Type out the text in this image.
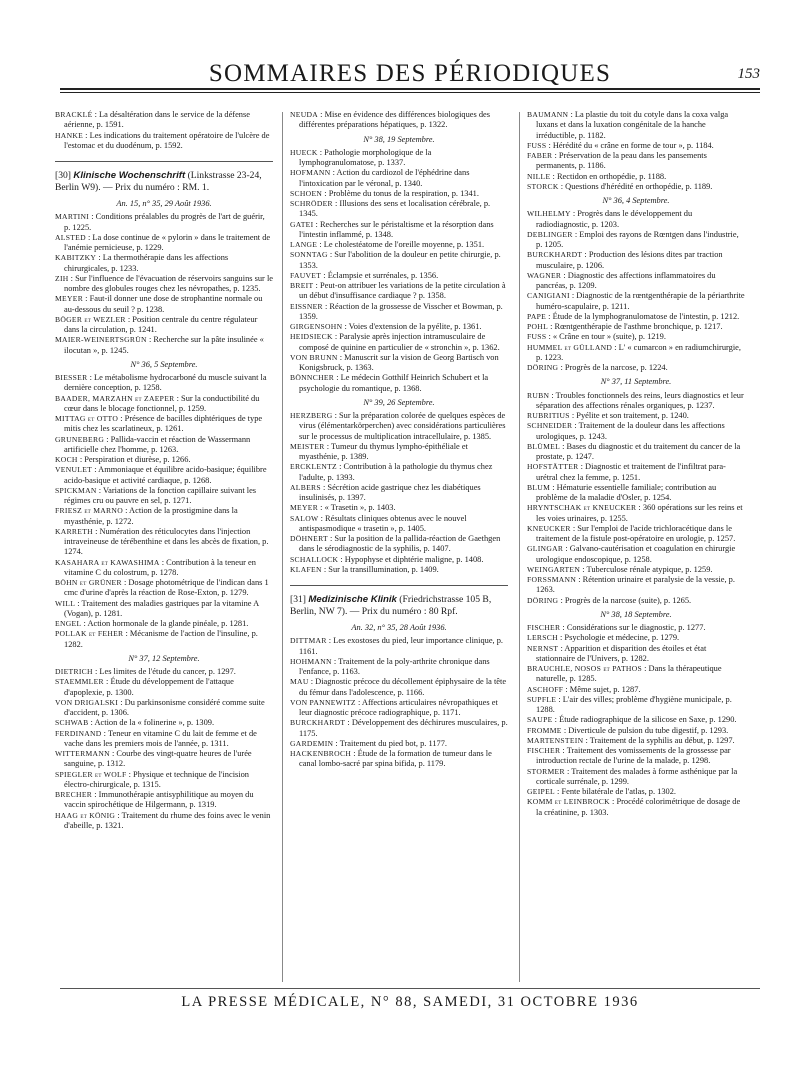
SOMMAIRES DES PÉRIODIQUES	153

BRACKLÉ : La désaltération dans le service de la défense aérienne, p. 1591.

HANKE : Les indications du traitement opératoire de l'ulcère de l'estomac et du duodénum, p. 1592.

[30] Klinische Wochenschrift (Linkstrasse 23-24, Berlin W9). — Prix du numéro : RM. 1.
An. 15, n° 35, 29 Août 1936.

MARTINI : Conditions préalables du progrès de l'art de guérir, p. 1225.

ALSTED : La dose continue de « pylorin » dans le traitement de l'anémie pernicieuse, p. 1229.

KABITZKY : La thermothérapie dans les affections chirurgicales, p. 1233.

ZIH : Sur l'influence de l'évacuation de réservoirs sanguins sur le nombre des globules rouges chez les névropathes, p. 1235.

MEYER : Faut-il donner une dose de strophantine normale ou au-dessous du seuil ? p. 1238.

BÖGER et WEZLER : Position centrale du centre régulateur dans la circulation, p. 1241.

MAIER-WEINERTSGRÜN : Recherche sur la pâte insulinée « ilocutan », p. 1245.

N° 36, 5 Septembre.

BIESSER : Le métabolisme hydrocarboné du muscle suivant la dernière conception, p. 1258.

BAADER, MARZAHN et ZAEPER : Sur la conductibilité du cœur dans le blocage fonctionnel, p. 1259.

MITTAG et OTTO : Présence de bacilles diphtériques de type mitis chez les scarlatineux, p. 1261.

GRUNEBERG : Pallida-vaccin et réaction de Wassermann artificielle chez l'homme, p. 1263.

KOCH : Perspiration et diurèse, p. 1266.

VENULET : Ammoniaque et équilibre acido-basique; équilibre acido-basique et activité cardiaque, p. 1268.

SPICKMAN : Variations de la fonction capillaire suivant les régimes cru ou pauvre en sel, p. 1271.

FRIESZ et MARNO : Action de la prostigmine dans la myasthénie, p. 1272.

KARRETH : Numération des réticulocytes dans l'injection intraveineuse de térébenthine et dans les abcès de fixation, p. 1274.

KASAHARA et KAWASHIMA : Contribution à la teneur en vitamine C du colostrum, p. 1278.

BÖHN et GRÜNER : Dosage photométrique de l'indican dans 1 cmc d'urine d'après la réaction de Rose-Exton, p. 1279.

WILL : Traitement des maladies gastriques par la vitamine A (Vogan), p. 1281.

ENGEL : Action hormonale de la glande pinéale, p. 1281.

POLLAK et FEHER : Mécanisme de l'action de l'insuline, p. 1282.

N° 37, 12 Septembre.

DIETRICH : Les limites de l'étude du cancer, p. 1297.

STAEMMLER : Étude du développement de l'attaque d'apoplexie, p. 1300.

VON DRIGALSKI : Du parkinsonisme considéré comme suite d'accident, p. 1306.

SCHWAB : Action de la « folinerine », p. 1309.

FERDINAND : Teneur en vitamine C du lait de femme et de vache dans les premiers mois de l'année, p. 1311.

WITTERMANN : Courbe des vingt-quatre heures de l'urée sanguine, p. 1312.

SPIEGLER et WOLF : Physique et technique de l'incision électro-chirurgicale, p. 1315.

BRECHER : Immunothérapie antisyphilitique au moyen du vaccin spirochétique de Hilgermann, p. 1319.

HAAG et KÖNIG : Traitement du rhume des foins avec le venin d'abeille, p. 1321.

NEUDA : Mise en évidence des différences biologiques des différentes préparations hépatiques, p. 1322.

N° 38, 19 Septembre.

HUECK : Pathologie morphologique de la lymphogranulomatose, p. 1337.

HOFMANN : Action du cardiozol de l'éphédrine dans l'intoxication par le véronal, p. 1340.

SCHOEN : Problème du tonus de la respiration, p. 1341.

SCHRÖDER : Illusions des sens et localisation cérébrale, p. 1345.

GATEI : Recherches sur le péristaltisme et la résorption dans l'intestin inflammé, p. 1348.

LANGE : Le cholestéatome de l'oreille moyenne, p. 1351.

SONNTAG : Sur l'abolition de la douleur en petite chirurgie, p. 1353.

FAUVET : Éclampsie et surrénales, p. 1356.

BREIT : Peut-on attribuer les variations de la petite circulation à un début d'insuffisance cardiaque ? p. 1358.

EISSNER : Réaction de la grossesse de Visscher et Bowman, p. 1359.

GIRGENSOHN : Voies d'extension de la pyélite, p. 1361.

HEIDSIECK : Paralysie après injection intramusculaire de composé de quinine en particulier de « stronchin », p. 1362.

VON BRUNN : Manuscrit sur la vision de Georg Bartisch von Konigsbruck, p. 1363.

BÖNNCHER : Le médecin Gotthilf Heinrich Schubert et la psychologie du romantique, p. 1368.

N° 39, 26 Septembre.

HERZBERG : Sur la préparation colorée de quelques espèces de virus (élémentarkörperchen) avec considérations particulières sur le processus de multiplication intracellulaire, p. 1385.

MEISTER : Tumeur du thymus lympho-épithéliale et myasthénie, p. 1389.

ERCKLENTZ : Contribution à la pathologie du thymus chez l'adulte, p. 1393.

ALBERS : Sécrétion acide gastrique chez les diabétiques insulinisés, p. 1397.

MEYER : « Trasetin », p. 1403.

SALOW : Résultats cliniques obtenus avec le nouvel antispasmodique « trasetin », p. 1405.

DÖHNERT : Sur la position de la pallida-réaction de Gaethgen dans le sérodiagnostic de la syphilis, p. 1407.

SCHALLOCK : Hypophyse et diphtérie maligne, p. 1408.

KLAFEN : Sur la transillumination, p. 1409.

[31] Medizinische Klinik (Friedrichstrasse 105 B, Berlin, NW 7). — Prix du numéro : 80 Rpf.
An. 32, n° 35, 28 Août 1936.

DITTMAR : Les exostoses du pied, leur importance clinique, p. 1161.

HOHMANN : Traitement de la poly-arthrite chronique dans l'enfance, p. 1163.

MAU : Diagnostic précoce du décollement épiphysaire de la tête du fémur dans l'adolescence, p. 1166.

VON PANNEWITZ : Affections articulaires névropathiques et leur diagnostic précoce radiographique, p. 1171.

BURCKHARDT : Développement des déchirures musculaires, p. 1175.

GARDEMIN : Traitement du pied bot, p. 1177.

HACKENBROCH : Étude de la formation de tumeur dans le canal lombo-sacré par spina bifida, p. 1179.

BAUMANN : La plastie du toit du cotyle dans la coxa valga luxans et dans la luxation congénitale de la hanche irréductible, p. 1182.

FUSS : Hérédité du « crâne en forme de tour », p. 1184.

FABER : Préservation de la peau dans les pansements permanents, p. 1186.

NILLE : Rectidon en orthopédie, p. 1188.

STORCK : Questions d'hérédité en orthopédie, p. 1189.

N° 36, 4 Septembre.

WILHELMY : Progrès dans le développement du radiodiagnostic, p. 1203.

DEBLINGER : Emploi des rayons de Rœntgen dans l'industrie, p. 1205.

BURCKHARDT : Production des lésions dites par traction musculaire, p. 1206.

WAGNER : Diagnostic des affections inflammatoires du pancréas, p. 1209.

CANIGIANI : Diagnostic de la rœntgenthérapie de la périarthrite huméro-scapulaire, p. 1211.

PAPE : Étude de la lymphogranulomatose de l'intestin, p. 1212.

POHL : Rœntgenthérapie de l'asthme bronchique, p. 1217.

FUSS : « Crâne en tour » (suite), p. 1219.

HUMMEL et GÜLLAND : L' « cumarcon » en radiumchirurgie, p. 1223.

DÖRING : Progrès de la narcose, p. 1224.

N° 37, 11 Septembre.

RUBN : Troubles fonctionnels des reins, leurs diagnostics et leur séparation des affections rénales organiques, p. 1237.

RUBRITIUS : Pyélite et son traitement, p. 1240.

SCHNEIDER : Traitement de la douleur dans les affections urologiques, p. 1243.

BLÜMEL : Bases du diagnostic et du traitement du cancer de la prostate, p. 1247.

HOFSTÄTTER : Diagnostic et traitement de l'infiltrat para-urétral chez la femme, p. 1251.

BLUM : Hématurie essentielle familiale; contribution au problème de la maladie d'Osler, p. 1254.

HRYNTSCHAK et KNEUCKER : 360 opérations sur les reins et les voies urinaires, p. 1255.

KNEUCKER : Sur l'emploi de l'acide trichloracétique dans le traitement de la fistule post-opératoire en urologie, p. 1257.

GLINGAR : Galvano-cautérisation et coagulation en chirurgie urologique endoscopique, p. 1258.

WEINGARTEN : Tuberculose rénale atypique, p. 1259.

FORSSMANN : Rétention urinaire et paralysie de la vessie, p. 1263.

DÖRING : Progrès de la narcose (suite), p. 1265.

N° 38, 18 Septembre.

FISCHER : Considérations sur le diagnostic, p. 1277.

LERSCH : Psychologie et médecine, p. 1279.

NERNST : Apparition et disparition des étoiles et état stationnaire de l'Univers, p. 1282.

BRAUCHLE, NOSOS et PATHOS : Dans la thérapeutique naturelle, p. 1285.

ASCHOFF : Même sujet, p. 1287.

SUPFLE : L'air des villes; problème d'hygiène municipale, p. 1288.

SAUPE : Étude radiographique de la silicose en Saxe, p. 1290.

FROMME : Diverticule de pulsion du tube digestif, p. 1293.

MARTENSTEIN : Traitement de la syphilis au début, p. 1297.

FISCHER : Traitement des vomissements de la grossesse par introduction rectale de l'urine de la malade, p. 1298.

STORMER : Traitement des malades à forme asthénique par la corticale surrénale, p. 1299.

GEIPEL : Fente bilatérale de l'atlas, p. 1302.

KOMM et LEINBROCK : Procédé colorimétrique de dosage de la créatinine, p. 1303.

LA PRESSE MÉDICALE, N° 88, SAMEDI, 31 OCTOBRE 1936
